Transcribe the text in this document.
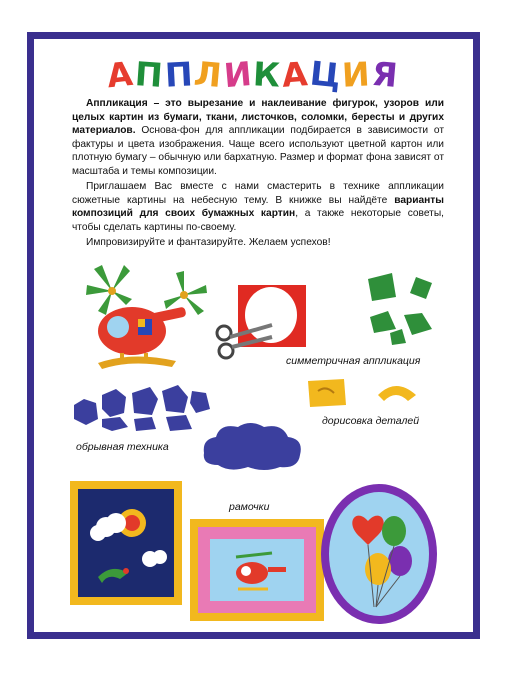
АППЛИКАЦИЯ

Аппликация – это вырезание и наклеивание фигурок, узоров или целых картин из бумаги, ткани, листочков, соломки, бересты и других материалов. Основа-фон для аппликации подбирается в зависимости от фактуры и цвета изображения. Чаще всего используют цветной картон или плотную бумагу – обычную или бархатную. Размер и формат фона зависят от масштаба и темы композиции.

Приглашаем Вас вместе с нами смастерить в технике аппликации сюжетные картины на небесную тему. В книжке вы найдёте варианты композиций для своих бумажных картин, а также некоторые советы, чтобы сделать картины по-своему.

Импровизируйте и фантазируйте. Желаем успехов!

симметричная аппликация
дорисовка деталей
обрывная техника
рамочки
